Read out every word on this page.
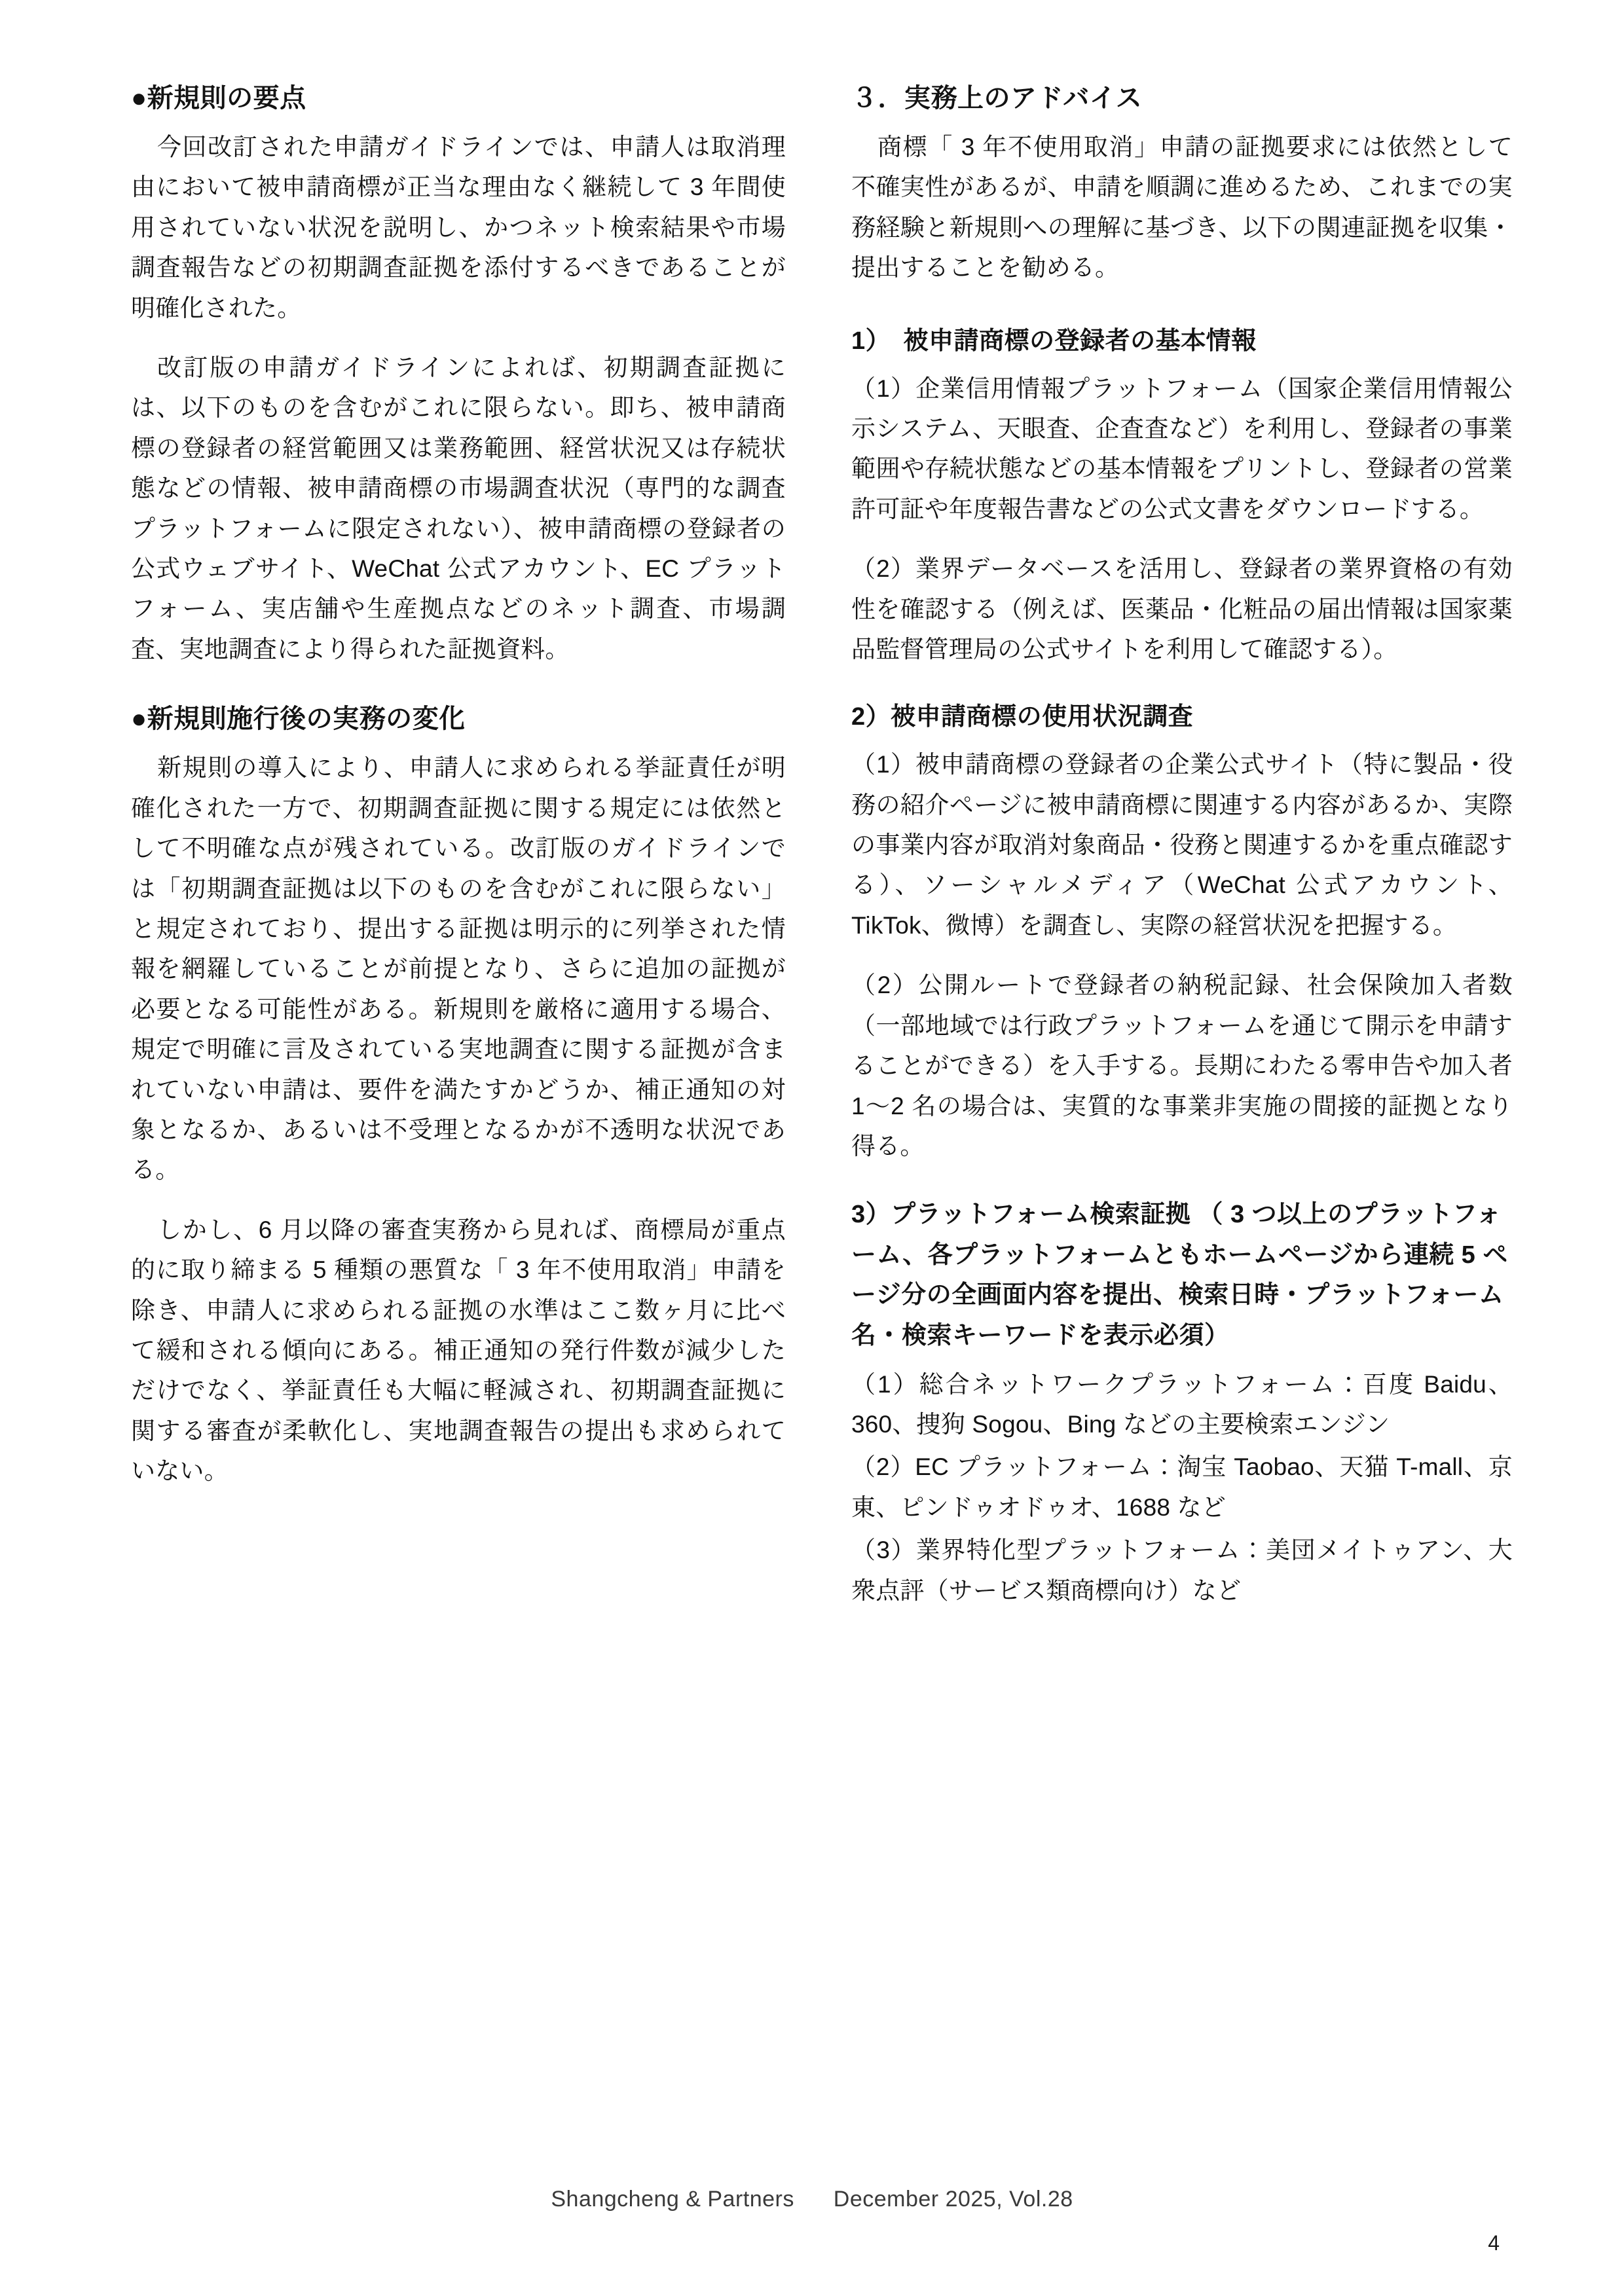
●新規則の要点

今回改訂された申請ガイドラインでは、申請人は取消理由において被申請商標が正当な理由なく継続して 3 年間使用されていない状況を説明し、かつネット検索結果や市場調査報告などの初期調査証拠を添付するべきであることが明確化された。

改訂版の申請ガイドラインによれば、初期調査証拠には、以下のものを含むがこれに限らない。即ち、被申請商標の登録者の経営範囲又は業務範囲、経営状況又は存続状態などの情報、被申請商標の市場調査状況（専門的な調査プラットフォームに限定されない）、被申請商標の登録者の公式ウェブサイト、WeChat 公式アカウント、EC プラットフォーム、実店舗や生産拠点などのネット調査、市場調査、実地調査により得られた証拠資料。

●新規則施行後の実務の変化

新規則の導入により、申請人に求められる挙証責任が明確化された一方で、初期調査証拠に関する規定には依然として不明確な点が残されている。改訂版のガイドラインでは「初期調査証拠は以下のものを含むがこれに限らない」と規定されており、提出する証拠は明示的に列挙された情報を網羅していることが前提となり、さらに追加の証拠が必要となる可能性がある。新規則を厳格に適用する場合、規定で明確に言及されている実地調査に関する証拠が含まれていない申請は、要件を満たすかどうか、補正通知の対象となるか、あるいは不受理となるかが不透明な状況である。

しかし、6 月以降の審査実務から見れば、商標局が重点的に取り締まる 5 種類の悪質な「 3 年不使用取消」申請を除き、申請人に求められる証拠の水準はここ数ヶ月に比べて緩和される傾向にある。補正通知の発行件数が減少しただけでなく、挙証責任も大幅に軽減され、初期調査証拠に関する審査が柔軟化し、実地調査報告の提出も求められていない。

３．実務上のアドバイス

商標「 3 年不使用取消」申請の証拠要求には依然として不確実性があるが、申請を順調に進めるため、これまでの実務経験と新規則への理解に基づき、以下の関連証拠を収集・提出することを勧める。

1）　被申請商標の登録者の基本情報

（1）企業信用情報プラットフォーム（国家企業信用情報公示システム、天眼査、企査査など）を利用し、登録者の事業範囲や存続状態などの基本情報をプリントし、登録者の営業許可証や年度報告書などの公式文書をダウンロードする。

（2）業界データベースを活用し、登録者の業界資格の有効性を確認する（例えば、医薬品・化粧品の届出情報は国家薬品監督管理局の公式サイトを利用して確認する）。

2）被申請商標の使用状況調査

（1）被申請商標の登録者の企業公式サイト（特に製品・役務の紹介ページに被申請商標に関連する内容があるか、実際の事業内容が取消対象商品・役務と関連するかを重点確認する）、ソーシャルメディア（WeChat 公式アカウント、TikTok、微博）を調査し、実際の経営状況を把握する。

（2）公開ルートで登録者の納税記録、社会保険加入者数 （一部地域では行政プラットフォームを通じて開示を申請することができる）を入手する。長期にわたる零申告や加入者 1〜2 名の場合は、実質的な事業非実施の間接的証拠となり得る。

3）プラットフォーム検索証拠 （ 3 つ以上のプラットフォーム、各プラットフォームともホームページから連続 5 ページ分の全画面内容を提出、検索日時・プラットフォーム名・検索キーワードを表示必須）

（1）総合ネットワークプラットフォーム：百度 Baidu、360、捜狗 Sogou、Bing などの主要検索エンジン

（2）EC プラットフォーム：淘宝 Taobao、天猫 T-mall、京東、ピンドゥオドゥオ、1688 など

（3）業界特化型プラットフォーム：美団メイトゥアン、大衆点評（サービス類商標向け）など

Shangcheng & Partners December 2025, Vol.28
4
